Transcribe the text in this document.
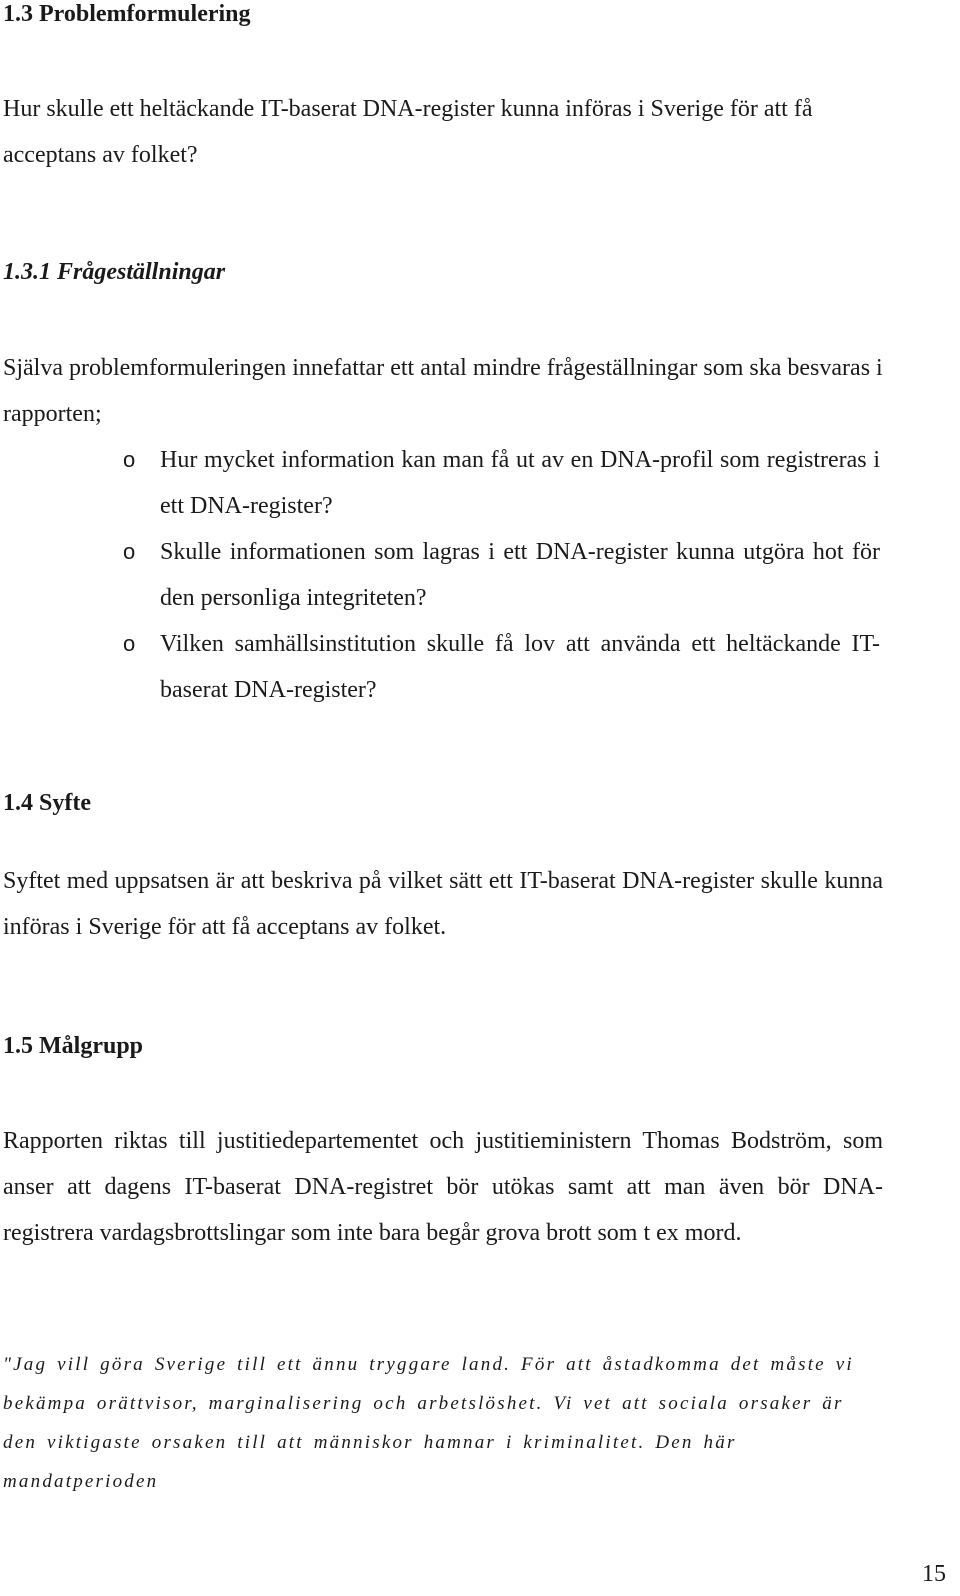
1.3 Problemformulering

Hur skulle ett heltäckande IT-baserat DNA-register kunna införas i Sverige för att få acceptans av folket?

1.3.1 Frågeställningar

Själva problemformuleringen innefattar ett antal mindre frågeställningar som ska besvaras i rapporten;

o Hur mycket information kan man få ut av en DNA-profil som registreras i ett DNA-register?
o Skulle informationen som lagras i ett DNA-register kunna utgöra hot för den personliga integriteten?
o Vilken samhällsinstitution skulle få lov att använda ett heltäckande IT-baserat DNA-register?
1.4 Syfte

Syftet med uppsatsen är att beskriva på vilket sätt ett IT-baserat DNA-register skulle kunna införas i Sverige för att få acceptans av folket.

1.5 Målgrupp

Rapporten riktas till justitiedepartementet och justitieministern Thomas Bodström, som anser att dagens IT-baserat DNA-registret bör utökas samt att man även bör DNA-registrera vardagsbrottslingar som inte bara begår grova brott som t ex mord.

"Jag vill göra Sverige till ett ännu tryggare land. För att åstadkomma det måste vi bekämpa orättvisor, marginalisering och arbetslöshet. Vi vet att sociala orsaker är den viktigaste orsaken till att människor hamnar i kriminalitet. Den här mandatperioden

15
